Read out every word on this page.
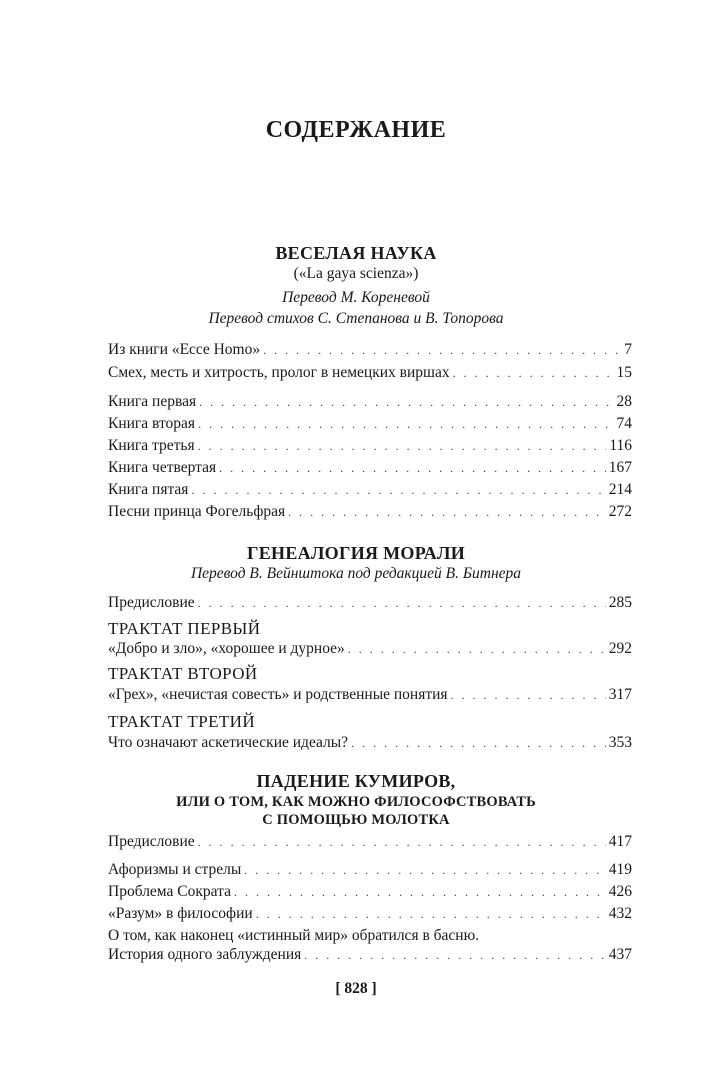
СОДЕРЖАНИЕ
ВЕСЕЛАЯ НАУКА
(«La gaya scienza»)
Перевод М. Кореневой
Перевод стихов С. Степанова и В. Топорова
Из книги «Ecce Homo» . . .	7
Смех, месть и хитрость, пролог в немецких виршах . . .	15
Книга первая . . .	28
Книга вторая . . .	74
Книга третья . . .	116
Книга четвертая . . .	167
Книга пятая . . .	214
Песни принца Фогельфрая . . .	272
ГЕНЕАЛОГИЯ МОРАЛИ
Перевод В. Вейнштока под редакцией В. Битнера
Предисловие . . .	285
ТРАКТАТ ПЕРВЫЙ
«Добро и зло», «хорошее и дурное» . . .	292
ТРАКТАТ ВТОРОЙ
«Грех», «нечистая совесть» и родственные понятия . . .	317
ТРАКТАТ ТРЕТИЙ
Что означают аскетические идеалы? . . .	353
ПАДЕНИЕ КУМИРОВ,
ИЛИ О ТОМ, КАК МОЖНО ФИЛОСОФСТВОВАТЬ
С ПОМОЩЬЮ МОЛОТКА
Предисловие . . .	417
Афоризмы и стрелы . . .	419
Проблема Сократа . . .	426
«Разум» в философии . . .	432
О том, как наконец «истинный мир» обратился в басню.
История одного заблуждения . . .	437
[ 828 ]
